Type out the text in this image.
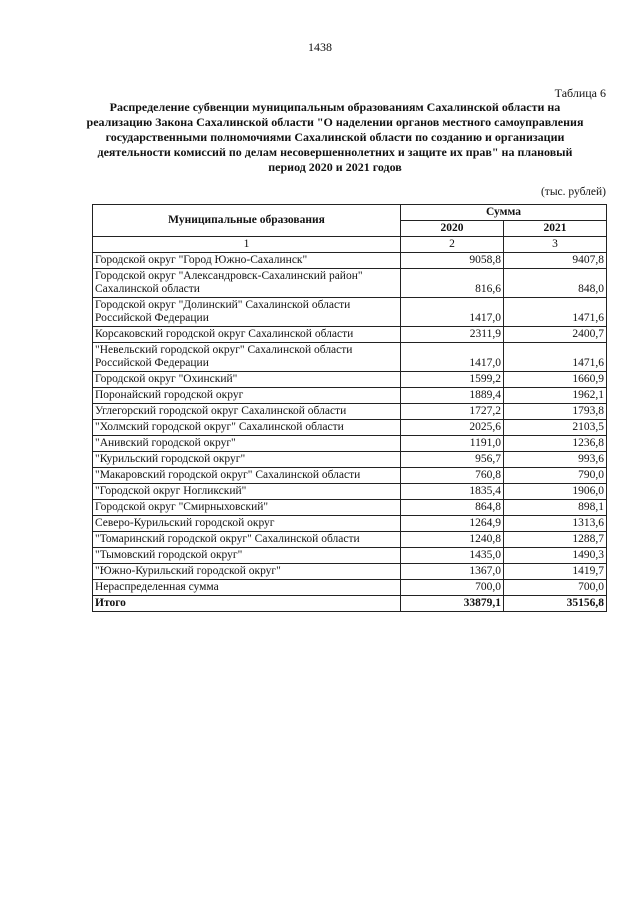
1438
Таблица 6
Распределение субвенции муниципальным образованиям Сахалинской области на реализацию Закона Сахалинской области "О наделении органов местного самоуправления государственными полномочиями Сахалинской области по созданию и организации деятельности комиссий по делам несовершеннолетних и защите их прав" на плановый период 2020 и 2021 годов
(тыс. рублей)
Муниципальные образования	Сумма	
	2020	2021
1	2	3
Городской округ "Город Южно-Сахалинск"	9058,8	9407,8
Городской округ "Александровск-Сахалинский район" Сахалинской области	816,6	848,0
Городской округ "Долинский" Сахалинской области Российской Федерации	1417,0	1471,6
Корсаковский городской округ Сахалинской области	2311,9	2400,7
"Невельский городской округ" Сахалинской области Российской Федерации	1417,0	1471,6
Городской округ "Охинский"	1599,2	1660,9
Поронайский городской округ	1889,4	1962,1
Углегорский городской округ Сахалинской области	1727,2	1793,8
"Холмский городской округ" Сахалинской области	2025,6	2103,5
"Анивский городской округ"	1191,0	1236,8
"Курильский городской округ"	956,7	993,6
"Макаровский городской округ" Сахалинской области	760,8	790,0
"Городской округ Ногликский"	1835,4	1906,0
Городской округ "Смирныховский"	864,8	898,1
Северо-Курильский городской округ	1264,9	1313,6
"Томаринский городской округ" Сахалинской области	1240,8	1288,7
"Тымовский городской округ"	1435,0	1490,3
"Южно-Курильский городской округ"	1367,0	1419,7
Нераспределенная сумма	700,0	700,0
Итого	33879,1	35156,8
